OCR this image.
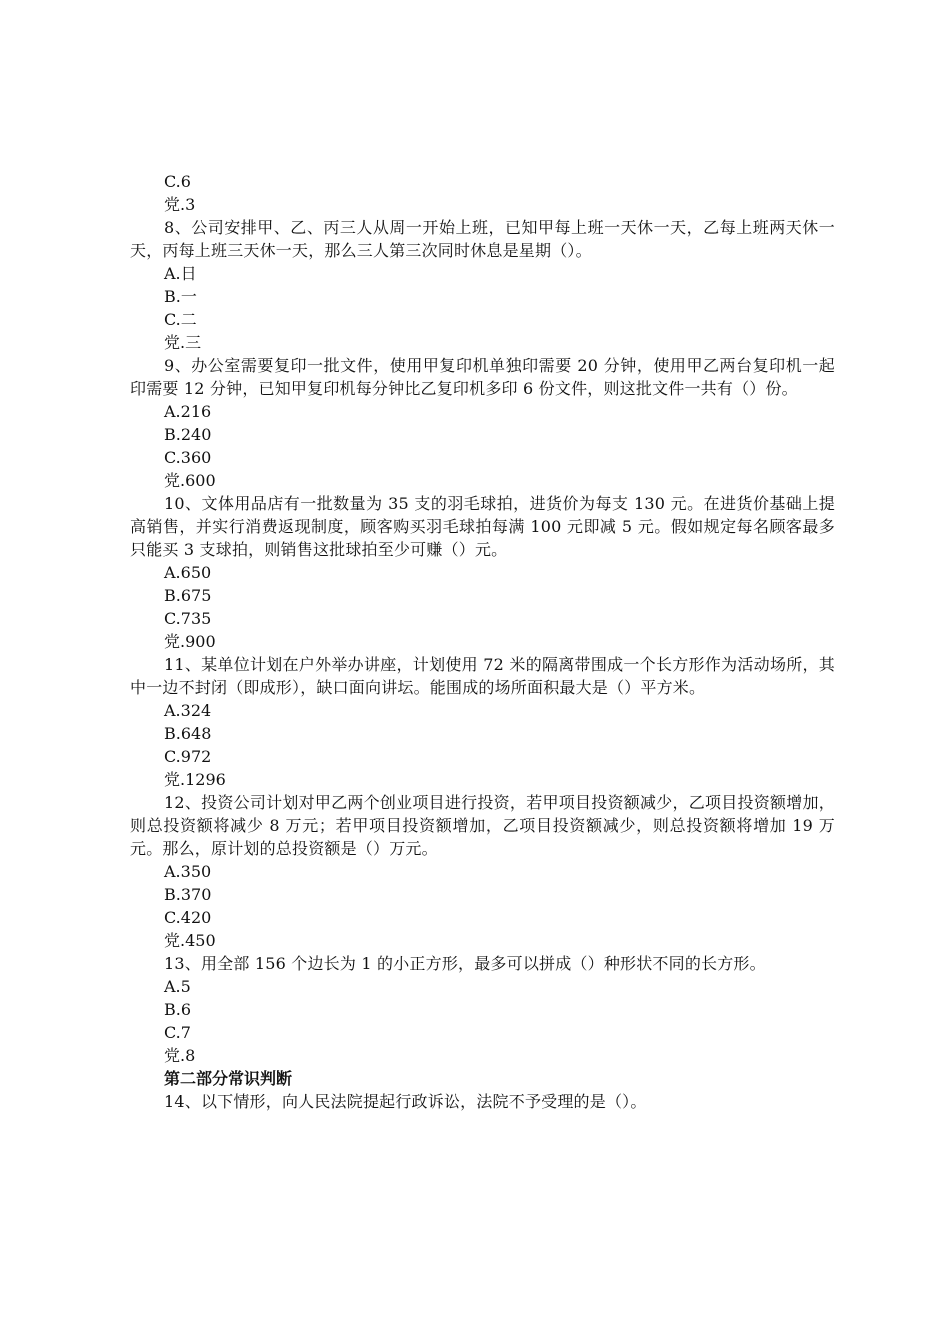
C.6

党.3

8、公司安排甲、乙、丙三人从周一开始上班，已知甲每上班一天休一天，乙每上班两天休一天，丙每上班三天休一天，那么三人第三次同时休息是星期（）。

A.日

B.一

C.二

党.三

9、办公室需要复印一批文件，使用甲复印机单独印需要 20 分钟，使用甲乙两台复印机一起印需要 12 分钟，已知甲复印机每分钟比乙复印机多印 6 份文件，则这批文件一共有（）份。

A.216

B.240

C.360

党.600

10、文体用品店有一批数量为 35 支的羽毛球拍，进货价为每支 130 元。在进货价基础上提高销售，并实行消费返现制度，顾客购买羽毛球拍每满 100 元即减 5 元。假如规定每名顾客最多只能买 3 支球拍，则销售这批球拍至少可赚（）元。

A.650

B.675

C.735

党.900

11、某单位计划在户外举办讲座，计划使用 72 米的隔离带围成一个长方形作为活动场所，其中一边不封闭（即成形），缺口面向讲坛。能围成的场所面积最大是（）平方米。

A.324

B.648

C.972

党.1296

12、投资公司计划对甲乙两个创业项目进行投资，若甲项目投资额减少，乙项目投资额增加，则总投资额将减少 8 万元；若甲项目投资额增加，乙项目投资额减少，则总投资额将增加 19 万元。那么，原计划的总投资额是（）万元。

A.350

B.370

C.420

党.450

13、用全部 156 个边长为 1 的小正方形，最多可以拼成（）种形状不同的长方形。

A.5

B.6

C.7

党.8

第二部分常识判断

14、以下情形，向人民法院提起行政诉讼，法院不予受理的是（）。
